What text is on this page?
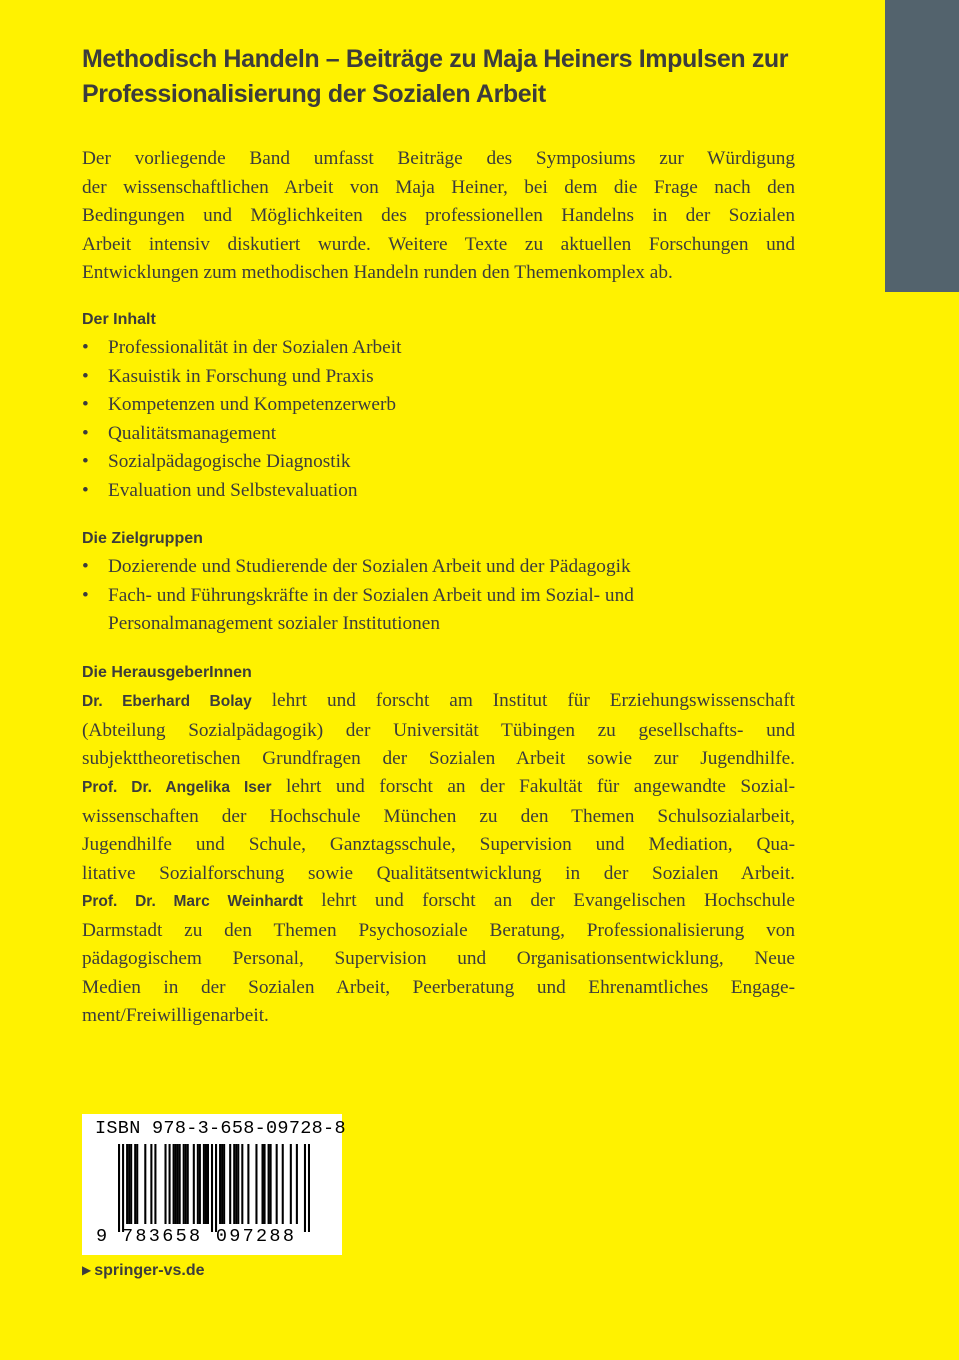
Methodisch Handeln – Beiträge zu Maja Heiners Impulsen zur
Professionalisierung der Sozialen Arbeit

Der vorliegende Band umfasst Beiträge des Symposiums zur Würdigung
der wissenschaftlichen Arbeit von Maja Heiner, bei dem die Frage nach den
Bedingungen und Möglichkeiten des professionellen Handelns in der Sozialen
Arbeit intensiv diskutiert wurde. Weitere Texte zu aktuellen Forschungen und
Entwicklungen zum methodischen Handeln runden den Themenkomplex ab.

Der Inhalt
• Professionalität in der Sozialen Arbeit
• Kasuistik in Forschung und Praxis
• Kompetenzen und Kompetenzerwerb
• Qualitätsmanagement
• Sozialpädagogische Diagnostik
• Evaluation und Selbstevaluation
Die Zielgruppen
• Dozierende und Studierende der Sozialen Arbeit und der Pädagogik
• Fach- und Führungskräfte in der Sozialen Arbeit und im Sozial- und
Personalmanagement sozialer Institutionen
Die HerausgeberInnen

Dr. Eberhard Bolay lehrt und forscht am Institut für Erziehungswissenschaft
(Abteilung Sozialpädagogik) der Universität Tübingen zu gesellschafts- und
subjekttheoretischen Grundfragen der Sozialen Arbeit sowie zur Jugendhilfe.

Prof. Dr. Angelika Iser lehrt und forscht an der Fakultät für angewandte Sozial-
wissenschaften der Hochschule München zu den Themen Schulsozialarbeit,
Jugendhilfe und Schule, Ganztagsschule, Supervision und Mediation, Qua-
litative Sozialforschung sowie Qualitätsentwicklung in der Sozialen Arbeit.

Prof. Dr. Marc Weinhardt lehrt und forscht an der Evangelischen Hochschule
Darmstadt zu den Themen Psychosoziale Beratung, Professionalisierung von
pädagogischem Personal, Supervision und Organisationsentwicklung, Neue
Medien in der Sozialen Arbeit, Peerberatung und Ehrenamtliches Engage-
ment/Freiwilligenarbeit.

ISBN 978-3-658-09728-8
9 783658 097288
▶ springer-vs.de
